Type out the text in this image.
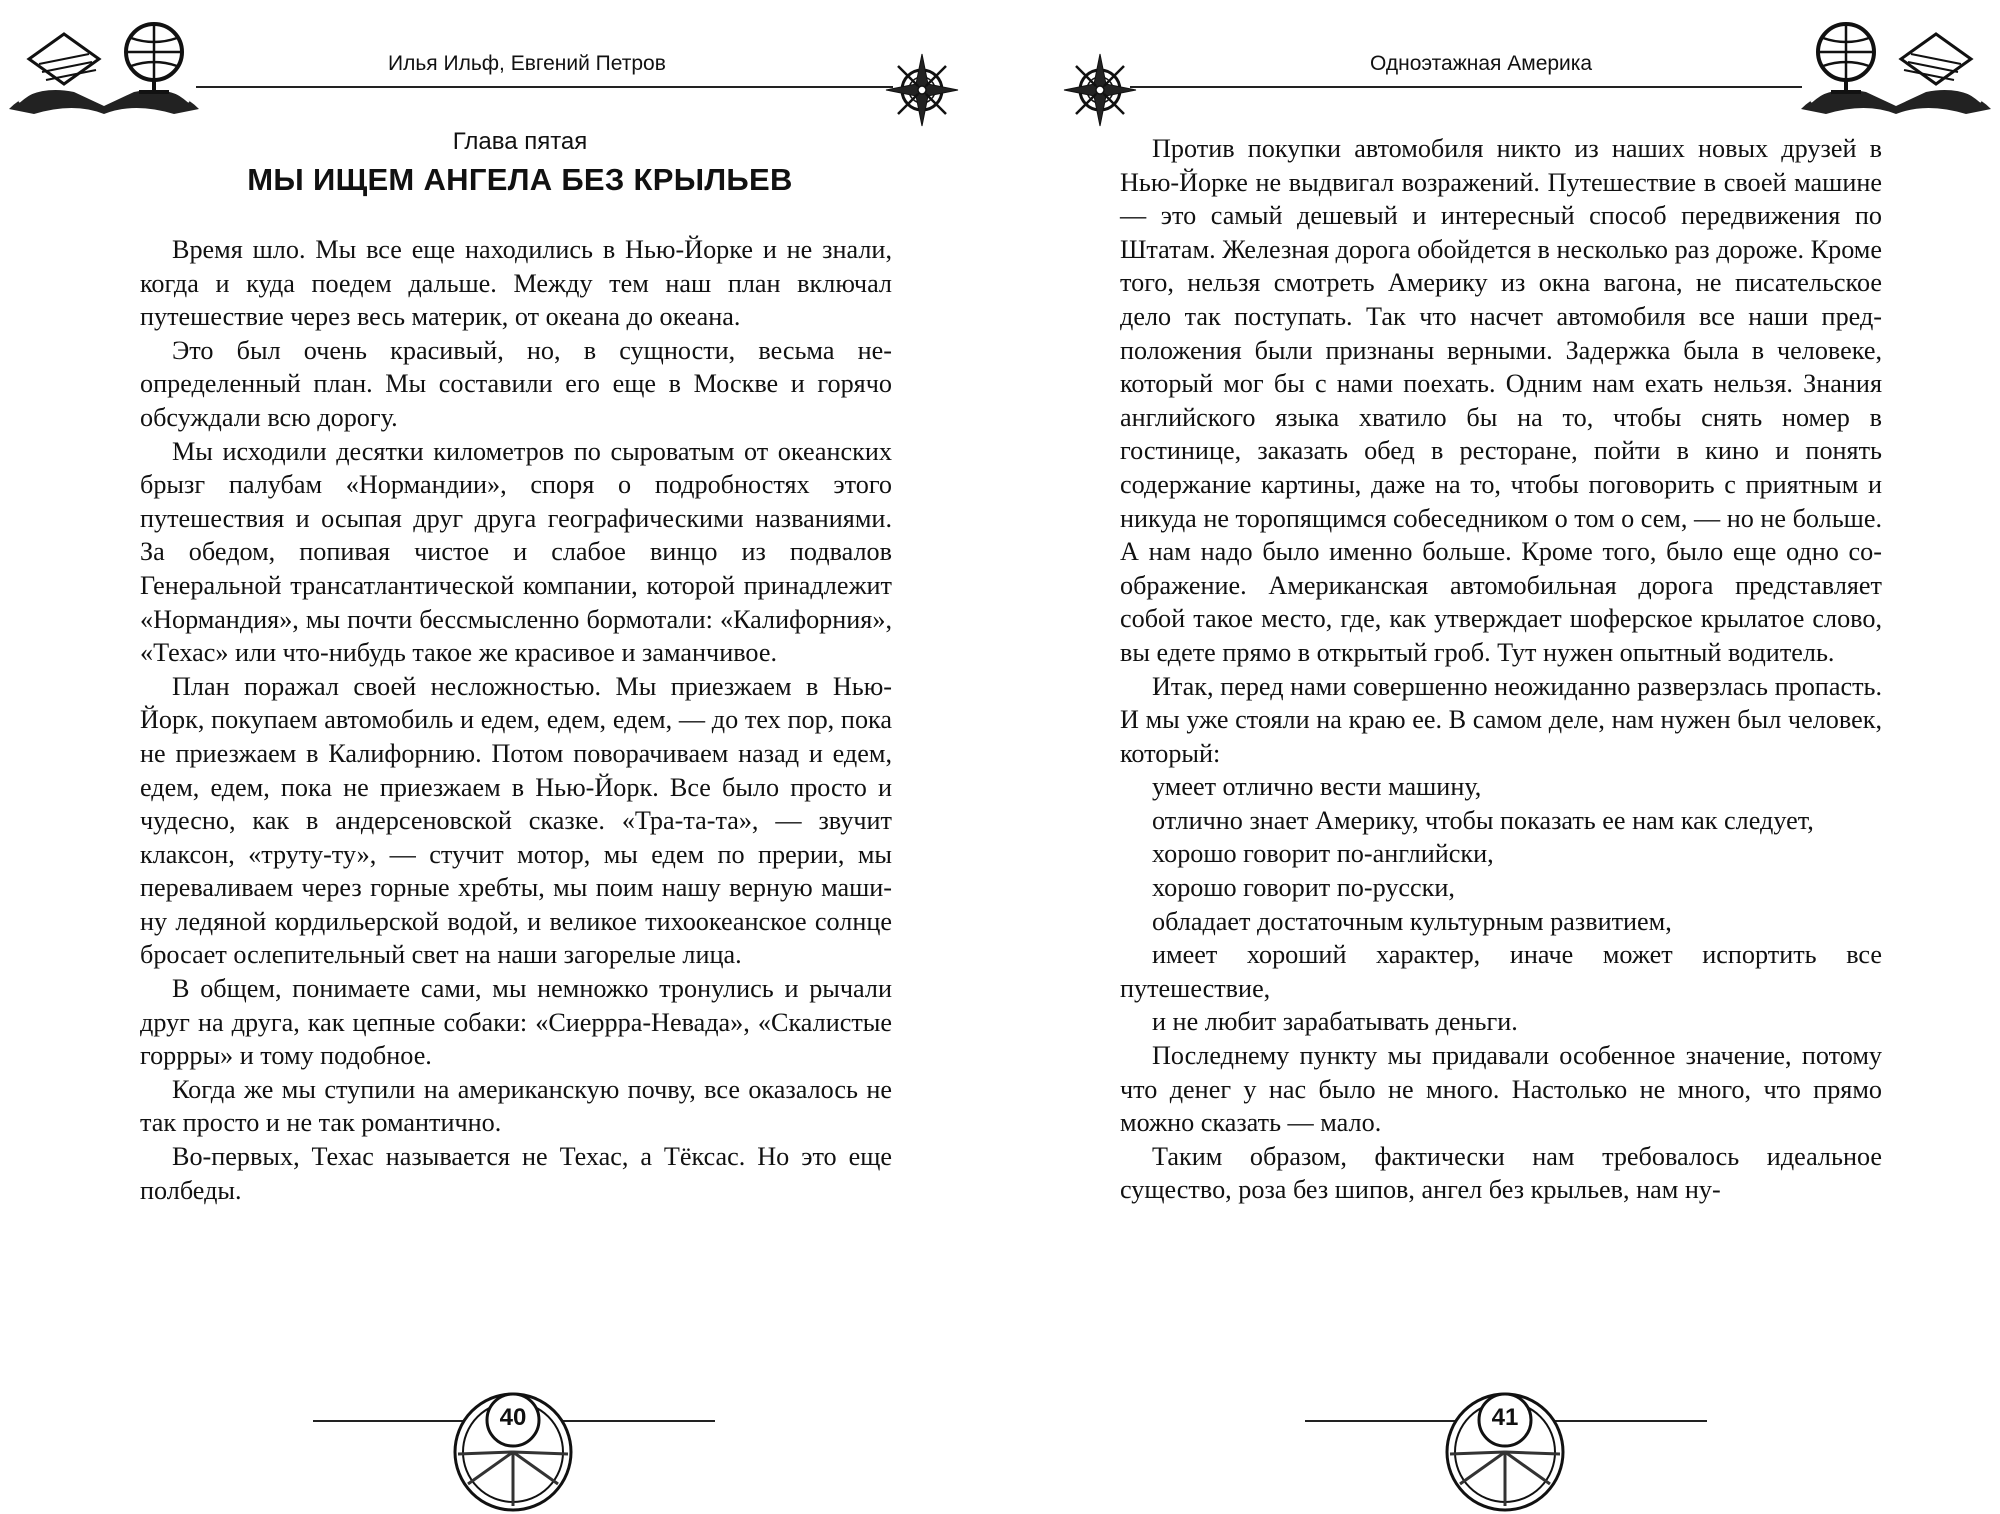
Илья Ильф, Евгений Петров
Глава пятая
МЫ ИЩЕМ АНГЕЛА БЕЗ КРЫЛЬЕВ

Время шло. Мы все еще находились в Нью-Йорке и не знали, когда и куда поедем дальше. Между тем наш план включал путешествие через весь материк, от океана до океана.

Это был очень красивый, но, в сущности, весьма неопределенный план. Мы составили его еще в Москве и горячо обсуждали всю дорогу.

Мы исходили десятки километров по сыроватым от океанских брызг палубам «Нормандии», споря о подробностях этого путешествия и осыпая друг друга географическими названиями. За обедом, попивая чистое и слабое винцо из подвалов Генеральной трансатлантической компании, которой принадлежит «Нормандия», мы почти бессмысленно бормотали: «Калифорния», «Техас» или что-нибудь такое же красивое и заманчивое.

План поражал своей несложностью. Мы приезжаем в Нью-Йорк, покупаем автомобиль и едем, едем, едем, — до тех пор, пока не приезжаем в Калифорнию. Потом поворачиваем назад и едем, едем, едем, пока не приезжаем в Нью-Йорк. Все было просто и чудесно, как в андерсеновской сказке. «Тра-та-та», — звучит клаксон, «труту-ту», — стучит мотор, мы едем по прерии, мы переваливаем через горные хребты, мы поим нашу верную машину ледяной кордильерской водой, и великое тихоокеанское солнце бросает ослепительный свет на наши загорелые лица.

В общем, понимаете сами, мы немножко тронулись и рычали друг на друга, как цепные собаки: «Сиеррра-Невада», «Скалистые горрры» и тому подобное.

Когда же мы ступили на американскую почву, все оказалось не так просто и не так романтично.

Во-первых, Техас называется не Техас, а Тёксас. Но это еще полбеды.

40
Одноэтажная Америка

Против покупки автомобиля никто из наших новых друзей в Нью-Йорке не выдвигал возражений. Путешествие в своей машине — это самый дешевый и интересный способ передвижения по Штатам. Железная дорога обойдется в несколько раз дороже. Кроме того, нельзя смотреть Америку из окна вагона, не писательское дело так поступать. Так что насчет автомобиля все наши предположения были признаны верными. Задержка была в человеке, который мог бы с нами поехать. Одним нам ехать нельзя. Знания английского языка хватило бы на то, чтобы снять номер в гостинице, заказать обед в ресторане, пойти в кино и понять содержание картины, даже на то, чтобы поговорить с приятным и никуда не торопящимся собеседником о том о сем, — но не больше. А нам надо было именно больше. Кроме того, было еще одно соображение. Американская автомобильная дорога представляет собой такое место, где, как утверждает шоферское крылатое слово, вы едете прямо в открытый гроб. Тут нужен опытный водитель.

Итак, перед нами совершенно неожиданно разверзлась пропасть. И мы уже стояли на краю ее. В самом деле, нам нужен был человек, который:

умеет отлично вести машину,

отлично знает Америку, чтобы показать ее нам как следует,

хорошо говорит по-английски,

хорошо говорит по-русски,

обладает достаточным культурным развитием,

имеет хороший характер, иначе может испортить все путешествие,

и не любит зарабатывать деньги.

Последнему пункту мы придавали особенное значение, потому что денег у нас было не много. Настолько не много, что прямо можно сказать — мало.

Таким образом, фактически нам требовалось идеальное существо, роза без шипов, ангел без крыльев, нам ну-

41
